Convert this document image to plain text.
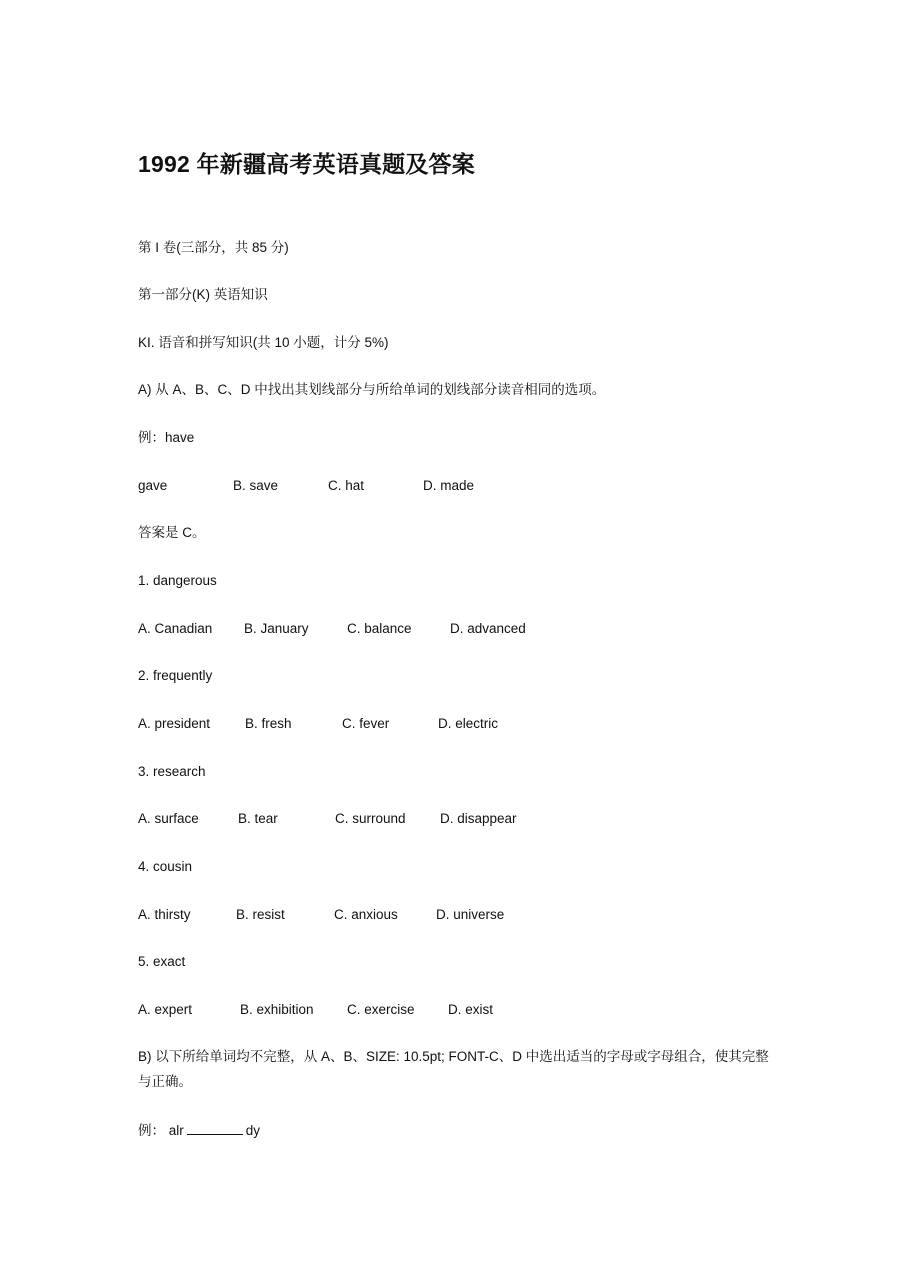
1992 年新疆高考英语真题及答案
第 I 卷(三部分，共 85 分)
第一部分(K) 英语知识
KI. 语音和拼写知识(共 10 小题，计分 5%)
A) 从 A、B、C、D 中找出其划线部分与所给单词的划线部分读音相同的选项。
例：have
gave	B. save	C. hat	D. made
答案是 C。
1. dangerous
A. Canadian B. January	C. balance	D. advanced
2. frequently
A. president	B. fresh	C. fever	D. electric
3. research
A. surface	B. tear	C. surround	D. disappear
4. cousin
A. thirsty	B. resist	C. anxious	D. universe
5. exact
A. expert	B. exhibition C. exercise D. exist
B) 以下所给单词均不完整，从 A、B、SIZE: 10.5pt; FONT-C、D 中选出适当的字母或字母组合，使其完整与正确。
例： alr	dy
